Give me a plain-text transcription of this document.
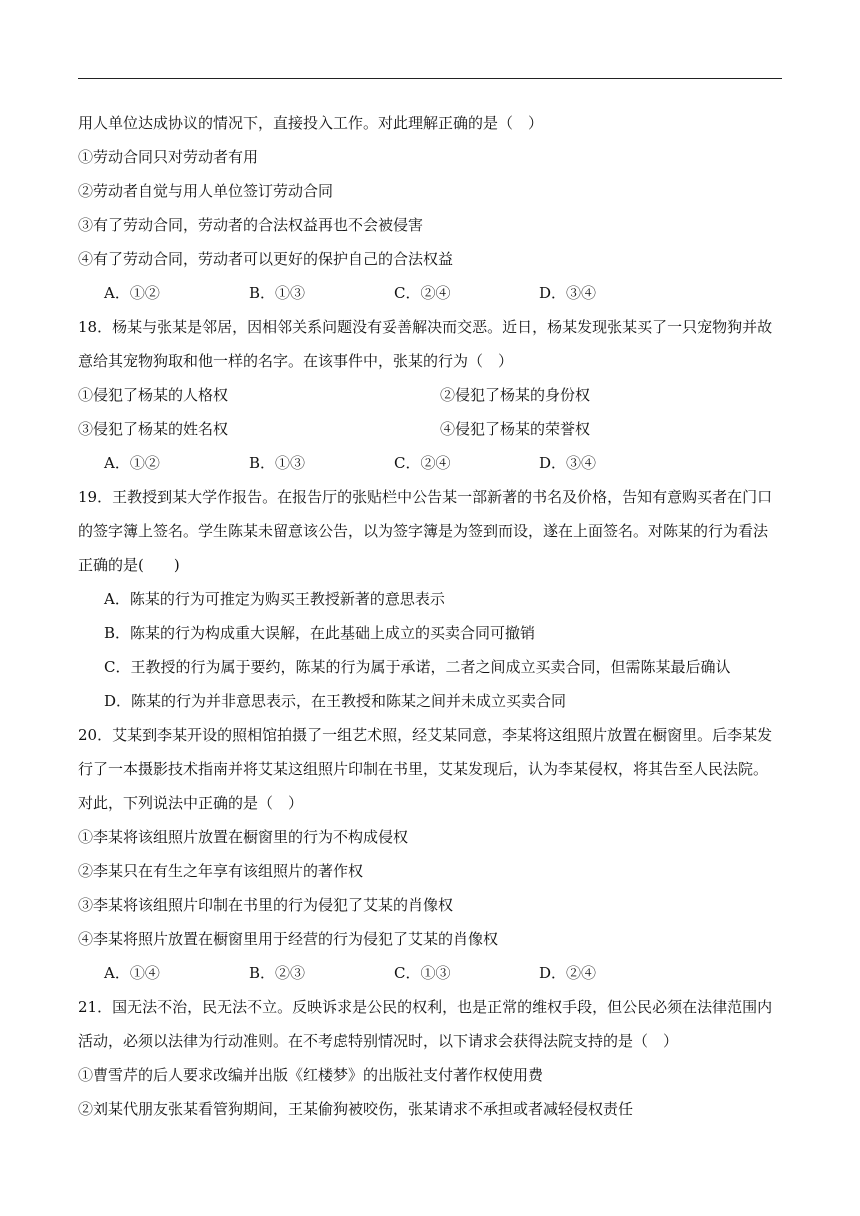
用人单位达成协议的情况下，直接投入工作。对此理解正确的是（　）
①劳动合同只对劳动者有用
②劳动者自觉与用人单位签订劳动合同
③有了劳动合同，劳动者的合法权益再也不会被侵害
④有了劳动合同，劳动者可以更好的保护自己的合法权益
A．①②	B．①③	C．②④	D．③④
18．杨某与张某是邻居，因相邻关系问题没有妥善解决而交恶。近日，杨某发现张某买了一只宠物狗并故
意给其宠物狗取和他一样的名字。在该事件中，张某的行为（　）
①侵犯了杨某的人格权	②侵犯了杨某的身份权
③侵犯了杨某的姓名权	④侵犯了杨某的荣誉权
A．①②	B．①③	C．②④	D．③④
19．王教授到某大学作报告。在报告厅的张贴栏中公告某一部新著的书名及价格，告知有意购买者在门口
的签字簿上签名。学生陈某未留意该公告，以为签字簿是为签到而设，遂在上面签名。对陈某的行为看法
正确的是(　　)
A．陈某的行为可推定为购买王教授新著的意思表示
B．陈某的行为构成重大误解，在此基础上成立的买卖合同可撤销
C．王教授的行为属于要约，陈某的行为属于承诺，二者之间成立买卖合同，但需陈某最后确认
D．陈某的行为并非意思表示，在王教授和陈某之间并未成立买卖合同
20．艾某到李某开设的照相馆拍摄了一组艺术照，经艾某同意，李某将这组照片放置在橱窗里。后李某发
行了一本摄影技术指南并将艾某这组照片印制在书里，艾某发现后，认为李某侵权，将其告至人民法院。
对此，下列说法中正确的是（　）
①李某将该组照片放置在橱窗里的行为不构成侵权
②李某只在有生之年享有该组照片的著作权
③李某将该组照片印制在书里的行为侵犯了艾某的肖像权
④李某将照片放置在橱窗里用于经营的行为侵犯了艾某的肖像权
A．①④	B．②③	C．①③	D．②④
21．国无法不治，民无法不立。反映诉求是公民的权利，也是正常的维权手段，但公民必须在法律范围内
活动，必须以法律为行动准则。在不考虑特别情况时，以下请求会获得法院支持的是（　）
①曹雪芹的后人要求改编并出版《红楼梦》的出版社支付著作权使用费
②刘某代朋友张某看管狗期间，王某偷狗被咬伤，张某请求不承担或者减轻侵权责任
